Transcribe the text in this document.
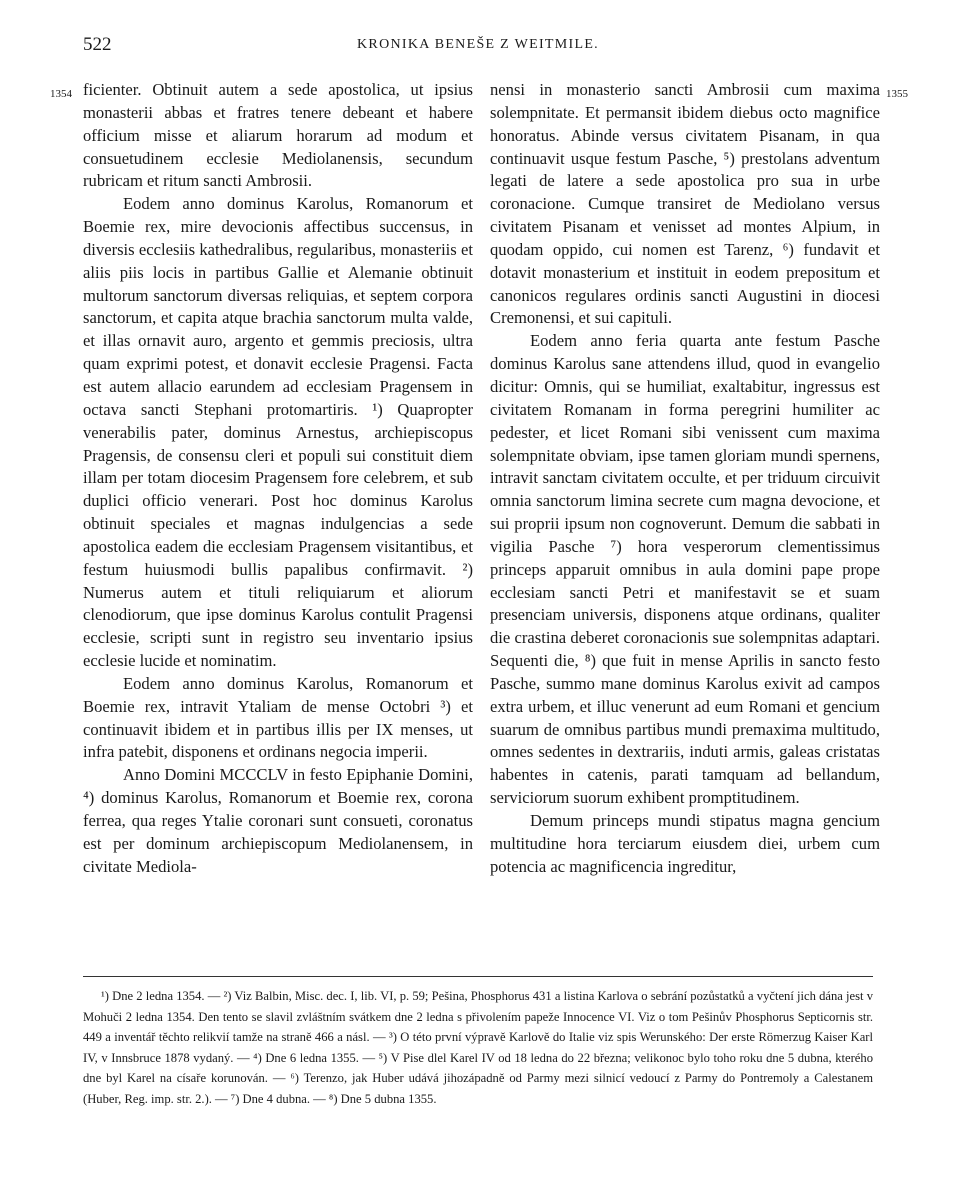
522	KRONIKA BENEŠE Z WEITMILE.
1354	1355

ficienter. Obtinuit autem a sede apostolica, ut ipsius monasterii abbas et fratres tenere debeant et habere officium misse et aliarum horarum ad modum et consuetudinem ecclesie Mediolanensis, secundum rubricam et ritum sancti Ambrosii.

Eodem anno dominus Karolus, Romanorum et Boemie rex, mire devocionis affectibus succensus, in diversis ecclesiis kathedralibus, regularibus, monasteriis et aliis piis locis in partibus Gallie et Alemanie obtinuit multorum sanctorum diversas reliquias, et septem corpora sanctorum, et capita atque brachia sanctorum multa valde, et illas ornavit auro, argento et gemmis preciosis, ultra quam exprimi potest, et donavit ecclesie Pragensi. Facta est autem allacio earundem ad ecclesiam Pragensem in octava sancti Stephani protomartiris. ¹) Quapropter venerabilis pater, dominus Arnestus, archiepiscopus Pragensis, de consensu cleri et populi sui constituit diem illam per totam diocesim Pragensem fore celebrem, et sub duplici officio venerari. Post hoc dominus Karolus obtinuit speciales et magnas indulgencias a sede apostolica eadem die ecclesiam Pragensem visitantibus, et festum huiusmodi bullis papalibus confirmavit. ²) Numerus autem et tituli reliquiarum et aliorum clenodiorum, que ipse dominus Karolus contulit Pragensi ecclesie, scripti sunt in registro seu inventario ipsius ecclesie lucide et nominatim.

Eodem anno dominus Karolus, Romanorum et Boemie rex, intravit Ytaliam de mense Octobri ³) et continuavit ibidem et in partibus illis per IX menses, ut infra patebit, disponens et ordinans negocia imperii.

Anno Domini MCCCLV in festo Epiphanie Domini, ⁴) dominus Karolus, Romanorum et Boemie rex, corona ferrea, qua reges Ytalie coronari sunt consueti, coronatus est per dominum archiepiscopum Mediolanensem, in civitate Mediola-

nensi in monasterio sancti Ambrosii cum maxima solempnitate. Et permansit ibidem diebus octo magnifice honoratus. Abinde versus civitatem Pisanam, in qua continuavit usque festum Pasche, ⁵) prestolans adventum legati de latere a sede apostolica pro sua in urbe coronacione. Cumque transiret de Mediolano versus civitatem Pisanam et venisset ad montes Alpium, in quodam oppido, cui nomen est Tarenz, ⁶) fundavit et dotavit monasterium et instituit in eodem prepositum et canonicos regulares ordinis sancti Augustini in diocesi Cremonensi, et sui capituli.

Eodem anno feria quarta ante festum Pasche dominus Karolus sane attendens illud, quod in evangelio dicitur: Omnis, qui se humiliat, exaltabitur, ingressus est civitatem Romanam in forma peregrini humiliter ac pedester, et licet Romani sibi venissent cum maxima solempnitate obviam, ipse tamen gloriam mundi spernens, intravit sanctam civitatem occulte, et per triduum circuivit omnia sanctorum limina secrete cum magna devocione, et sui proprii ipsum non cognoverunt. Demum die sabbati in vigilia Pasche ⁷) hora vesperorum clementissimus princeps apparuit omnibus in aula domini pape prope ecclesiam sancti Petri et manifestavit se et suam presenciam universis, disponens atque ordinans, qualiter die crastina deberet coronacionis sue solempnitas adaptari. Sequenti die, ⁸) que fuit in mense Aprilis in sancto festo Pasche, summo mane dominus Karolus exivit ad campos extra urbem, et illuc venerunt ad eum Romani et gencium suarum de omnibus partibus mundi premaxima multitudo, omnes sedentes in dextrariis, induti armis, galeas cristatas habentes in catenis, parati tamquam ad bellandum, serviciorum suorum exhibent promptitudinem.

Demum princeps mundi stipatus magna gencium multitudine hora terciarum eiusdem diei, urbem cum potencia ac magnificencia ingreditur,

¹) Dne 2 ledna 1354. — ²) Viz Balbin, Misc. dec. I, lib. VI, p. 59; Pešina, Phosphorus 431 a listina Karlova o sebrání pozůstatků a vyčtení jich dána jest v Mohuči 2 ledna 1354. Den tento se slavil zvláštním svátkem dne 2 ledna s přivolením papeže Innocence VI. Viz o tom Pešinův Phosphorus Septicornis str. 449 a inventář těchto relikvií tamže na straně 466 a násl. — ³) O této první výpravě Karlově do Italie viz spis Werunského: Der erste Römerzug Kaiser Karl IV, v Innsbruce 1878 vydaný. — ⁴) Dne 6 ledna 1355. — ⁵) V Pise dlel Karel IV od 18 ledna do 22 března; velikonoc bylo toho roku dne 5 dubna, kterého dne byl Karel na císaře korunován. — ⁶) Terenzo, jak Huber udává jihozápadně od Parmy mezi silnicí vedoucí z Parmy do Pontremoly a Calestanem (Huber, Reg. imp. str. 2.). — ⁷) Dne 4 dubna. — ⁸) Dne 5 dubna 1355.
